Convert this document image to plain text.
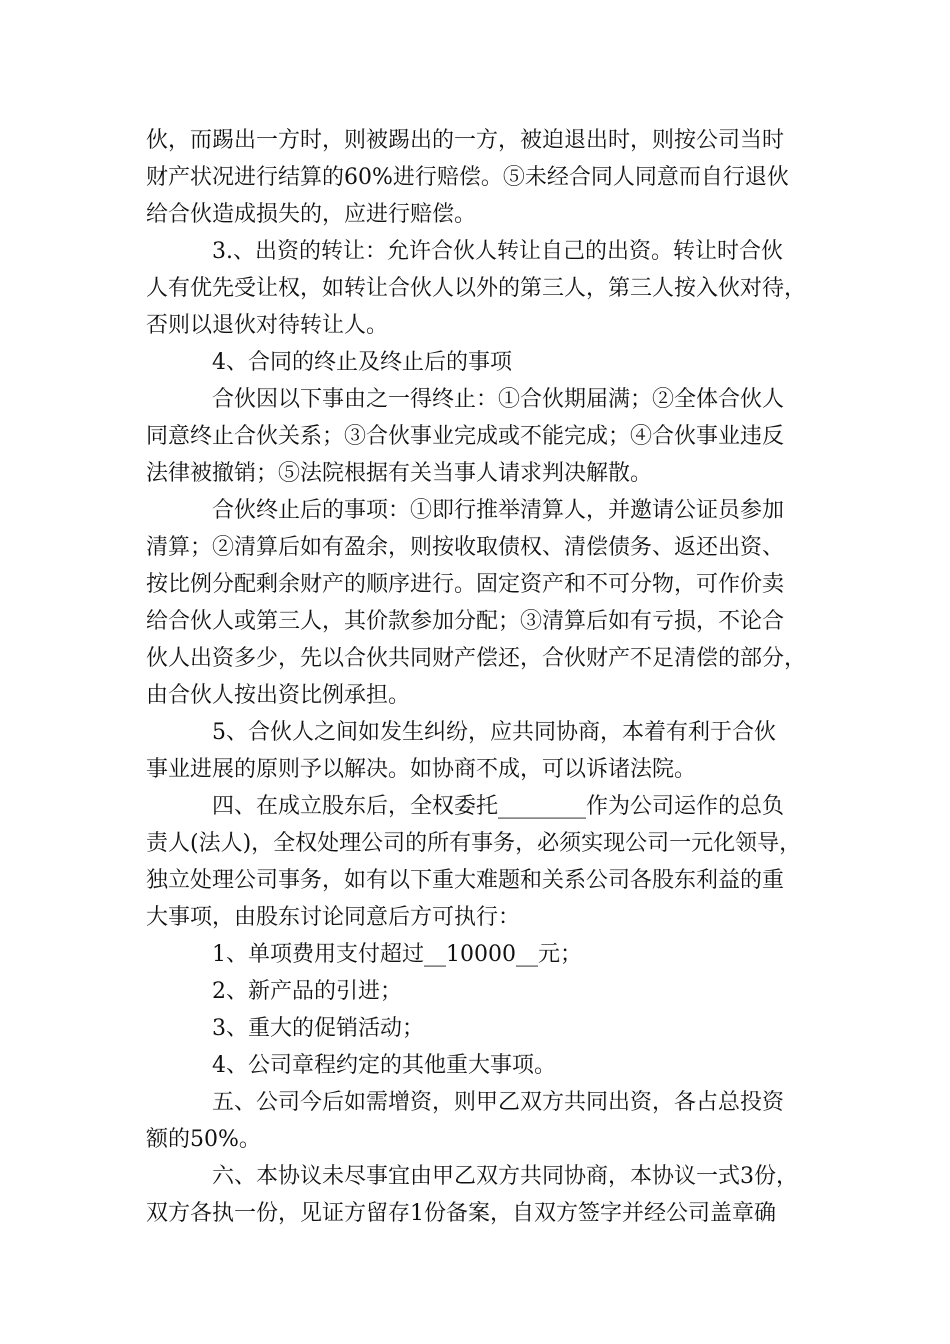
伙，而踢出一方时，则被踢出的一方，被迫退出时，则按公司当时
财产状况进行结算的60%进行赔偿。⑤未经合同人同意而自行退伙
给合伙造成损失的，应进行赔偿。
3.、出资的转让：允许合伙人转让自己的出资。转让时合伙
人有优先受让权，如转让合伙人以外的第三人，第三人按入伙对待，
否则以退伙对待转让人。
4、合同的终止及终止后的事项
合伙因以下事由之一得终止：①合伙期届满；②全体合伙人
同意终止合伙关系；③合伙事业完成或不能完成；④合伙事业违反
法律被撤销；⑤法院根据有关当事人请求判决解散。
合伙终止后的事项：①即行推举清算人，并邀请公证员参加
清算；②清算后如有盈余，则按收取债权、清偿债务、返还出资、
按比例分配剩余财产的顺序进行。固定资产和不可分物，可作价卖
给合伙人或第三人，其价款参加分配；③清算后如有亏损，不论合
伙人出资多少，先以合伙共同财产偿还，合伙财产不足清偿的部分，
由合伙人按出资比例承担。
5、合伙人之间如发生纠纷，应共同协商，本着有利于合伙
事业进展的原则予以解决。如协商不成，可以诉诸法院。
四、在成立股东后，全权委托________作为公司运作的总负
责人(法人)，全权处理公司的所有事务，必须实现公司一元化领导，
独立处理公司事务，如有以下重大难题和关系公司各股东利益的重
大事项，由股东讨论同意后方可执行：
1、单项费用支付超过__10000__元；
2、新产品的引进；
3、重大的促销活动；
4、公司章程约定的其他重大事项。
五、公司今后如需增资，则甲乙双方共同出资，各占总投资
额的50%。
六、本协议未尽事宜由甲乙双方共同协商，本协议一式3份，
双方各执一份，见证方留存1份备案，自双方签字并经公司盖章确
